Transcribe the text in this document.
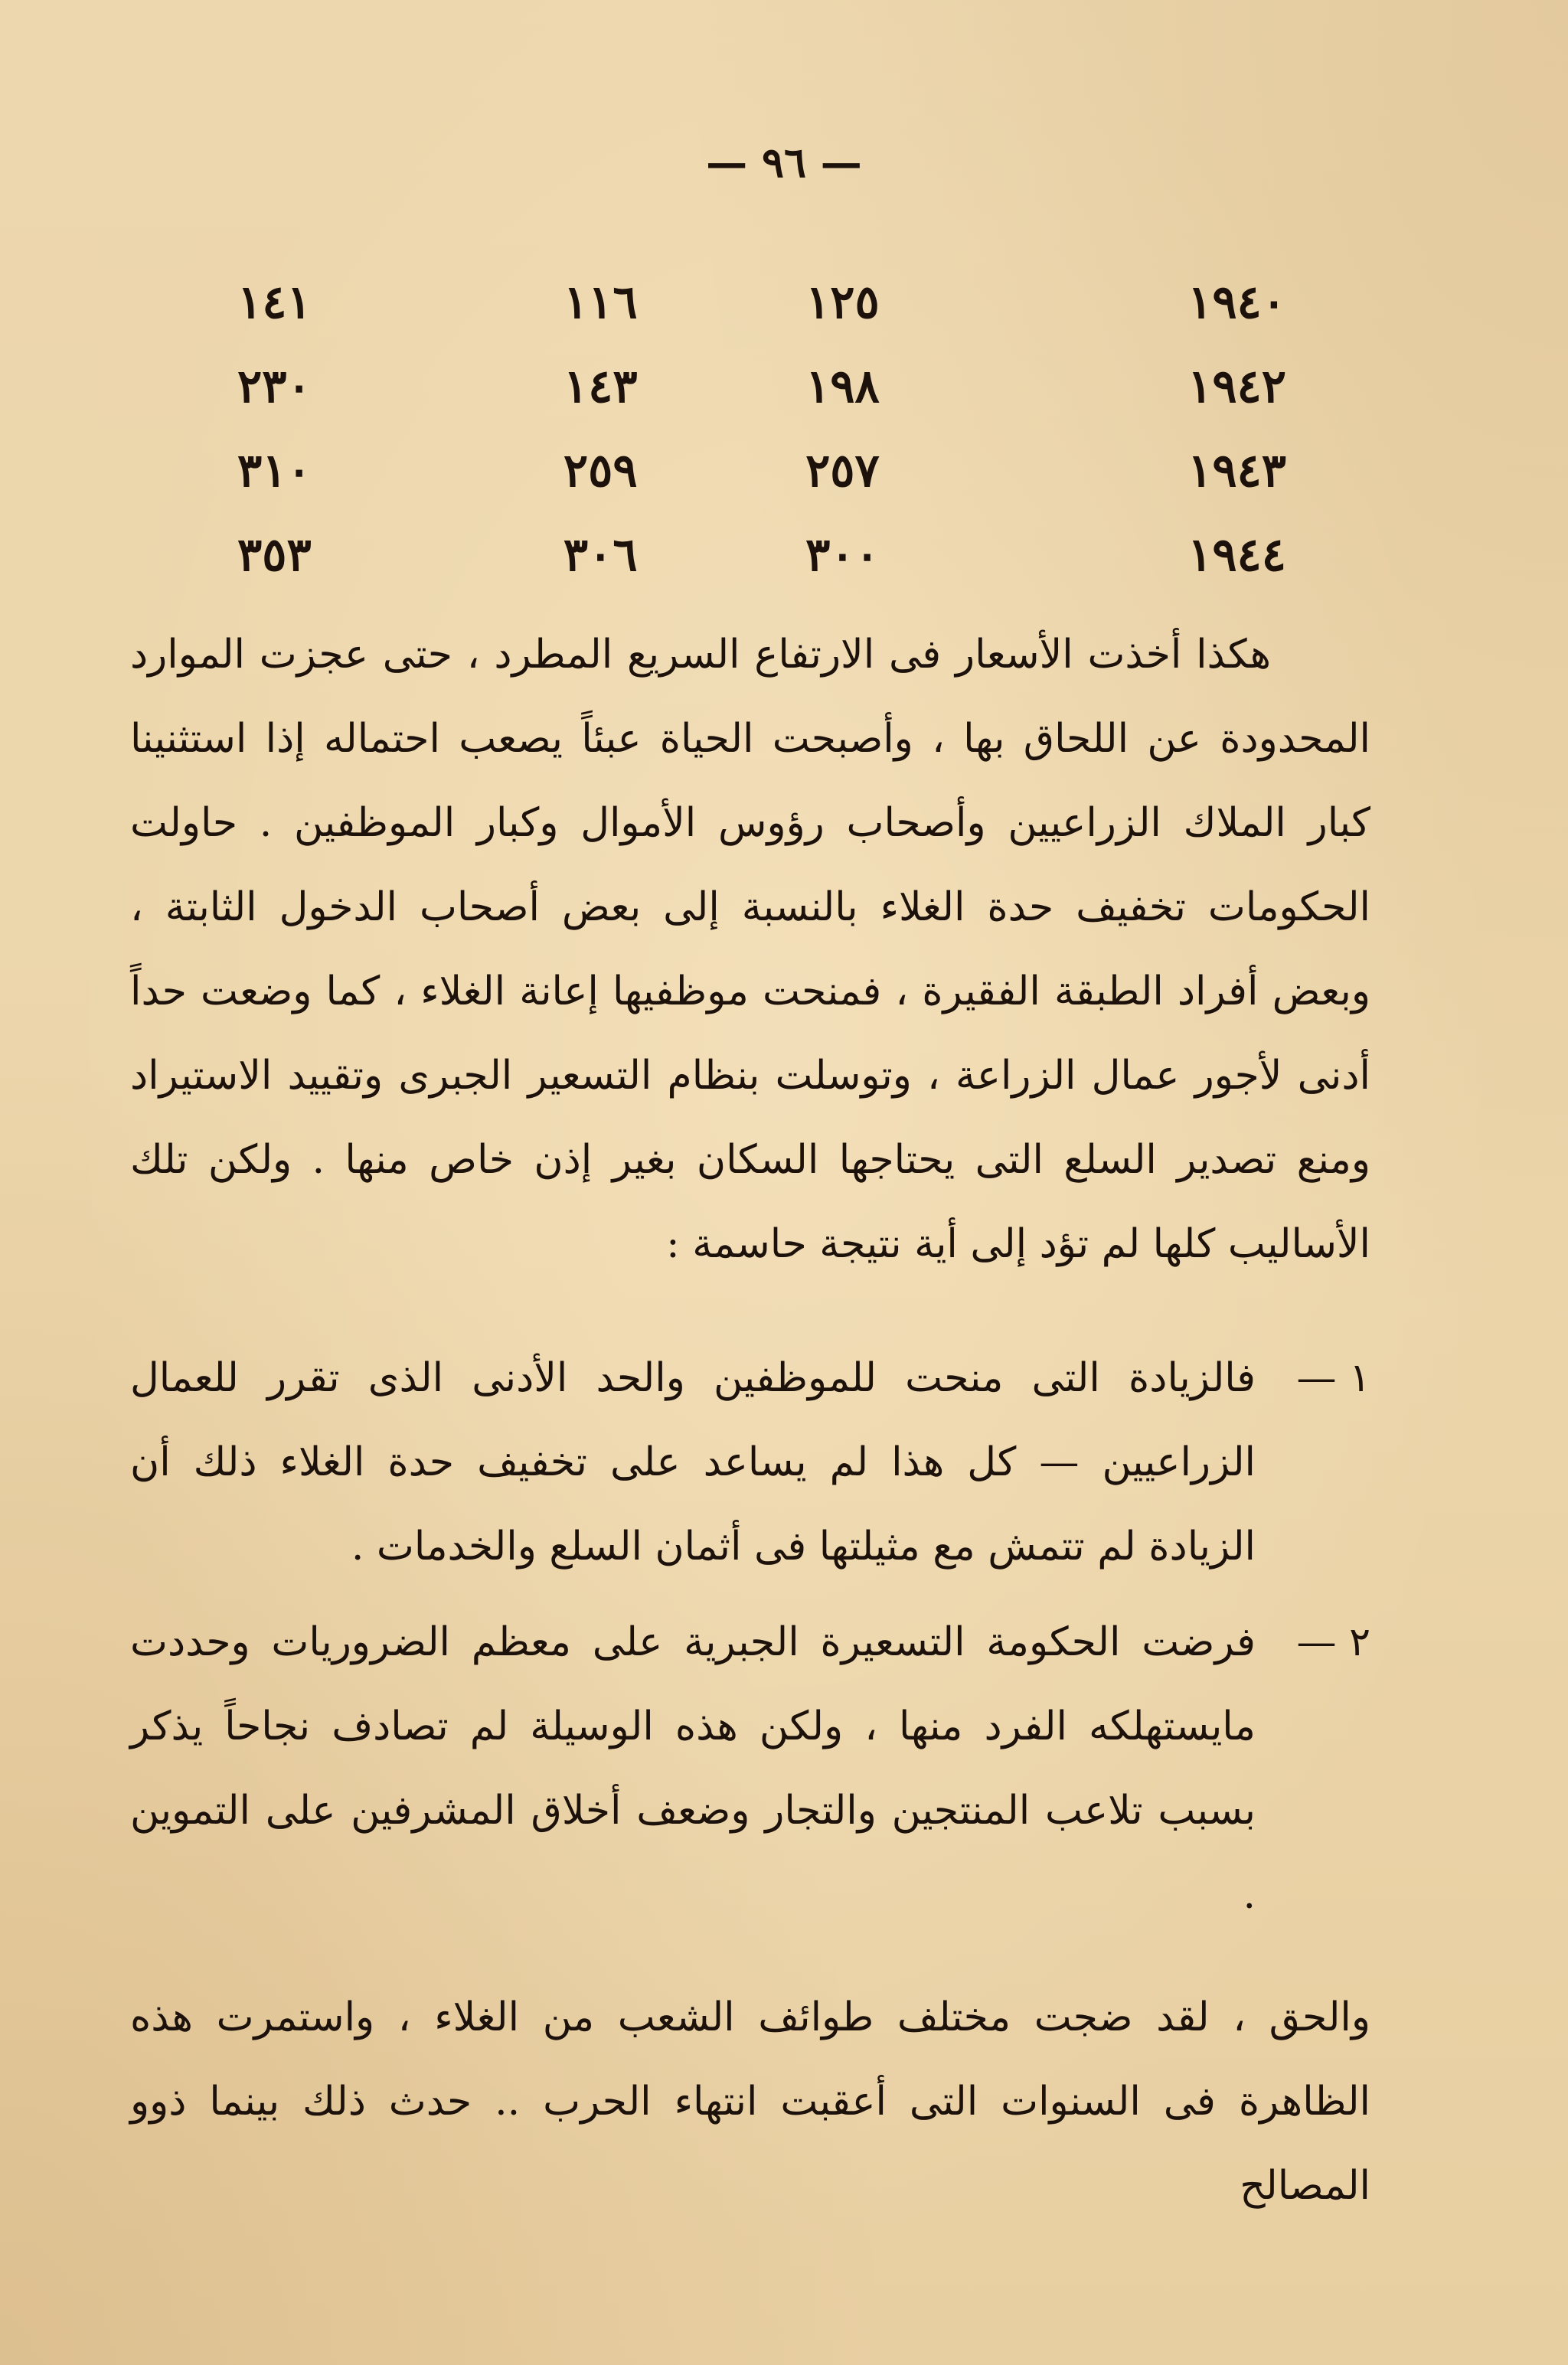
— ٩٦ —
١٩٤٠	١٢٥	١١٦	١٤١
١٩٤٢	١٩٨	١٤٣	٢٣٠
١٩٤٣	٢٥٧	٢٥٩	٣١٠
١٩٤٤	٣٠٠	٣٠٦	٣٥٣

هكذا أخذت الأسعار فى الارتفاع السريع المطرد ، حتى عجزت الموارد المحدودة عن اللحاق بها ، وأصبحت الحياة عبئاً يصعب احتماله إذا استثنينا كبار الملاك الزراعيين وأصحاب رؤوس الأموال وكبار الموظفين . حاولت الحكومات تخفيف حدة الغلاء بالنسبة إلى بعض أصحاب الدخول الثابتة ، وبعض أفراد الطبقة الفقيرة ، فمنحت موظفيها إعانة الغلاء ، كما وضعت حداً أدنى لأجور عمال الزراعة ، وتوسلت بنظام التسعير الجبرى وتقييد الاستيراد ومنع تصدير السلع التى يحتاجها السكان بغير إذن خاص منها . ولكن تلك الأساليب كلها لم تؤد إلى أية نتيجة حاسمة :

١ —

فالزيادة التى منحت للموظفين والحد الأدنى الذى تقرر للعمال الزراعيين — كل هذا لم يساعد على تخفيف حدة الغلاء ذلك أن الزيادة لم تتمش مع مثيلتها فى أثمان السلع والخدمات .

٢ —

فرضت الحكومة التسعيرة الجبرية على معظم الضروريات وحددت مايستهلكه الفرد منها ، ولكن هذه الوسيلة لم تصادف نجاحاً يذكر بسبب تلاعب المنتجين والتجار وضعف أخلاق المشرفين على التموين .

والحق ، لقد ضجت مختلف طوائف الشعب من الغلاء ، واستمرت هذه الظاهرة فى السنوات التى أعقبت انتهاء الحرب .. حدث ذلك بينما ذوو المصالح
